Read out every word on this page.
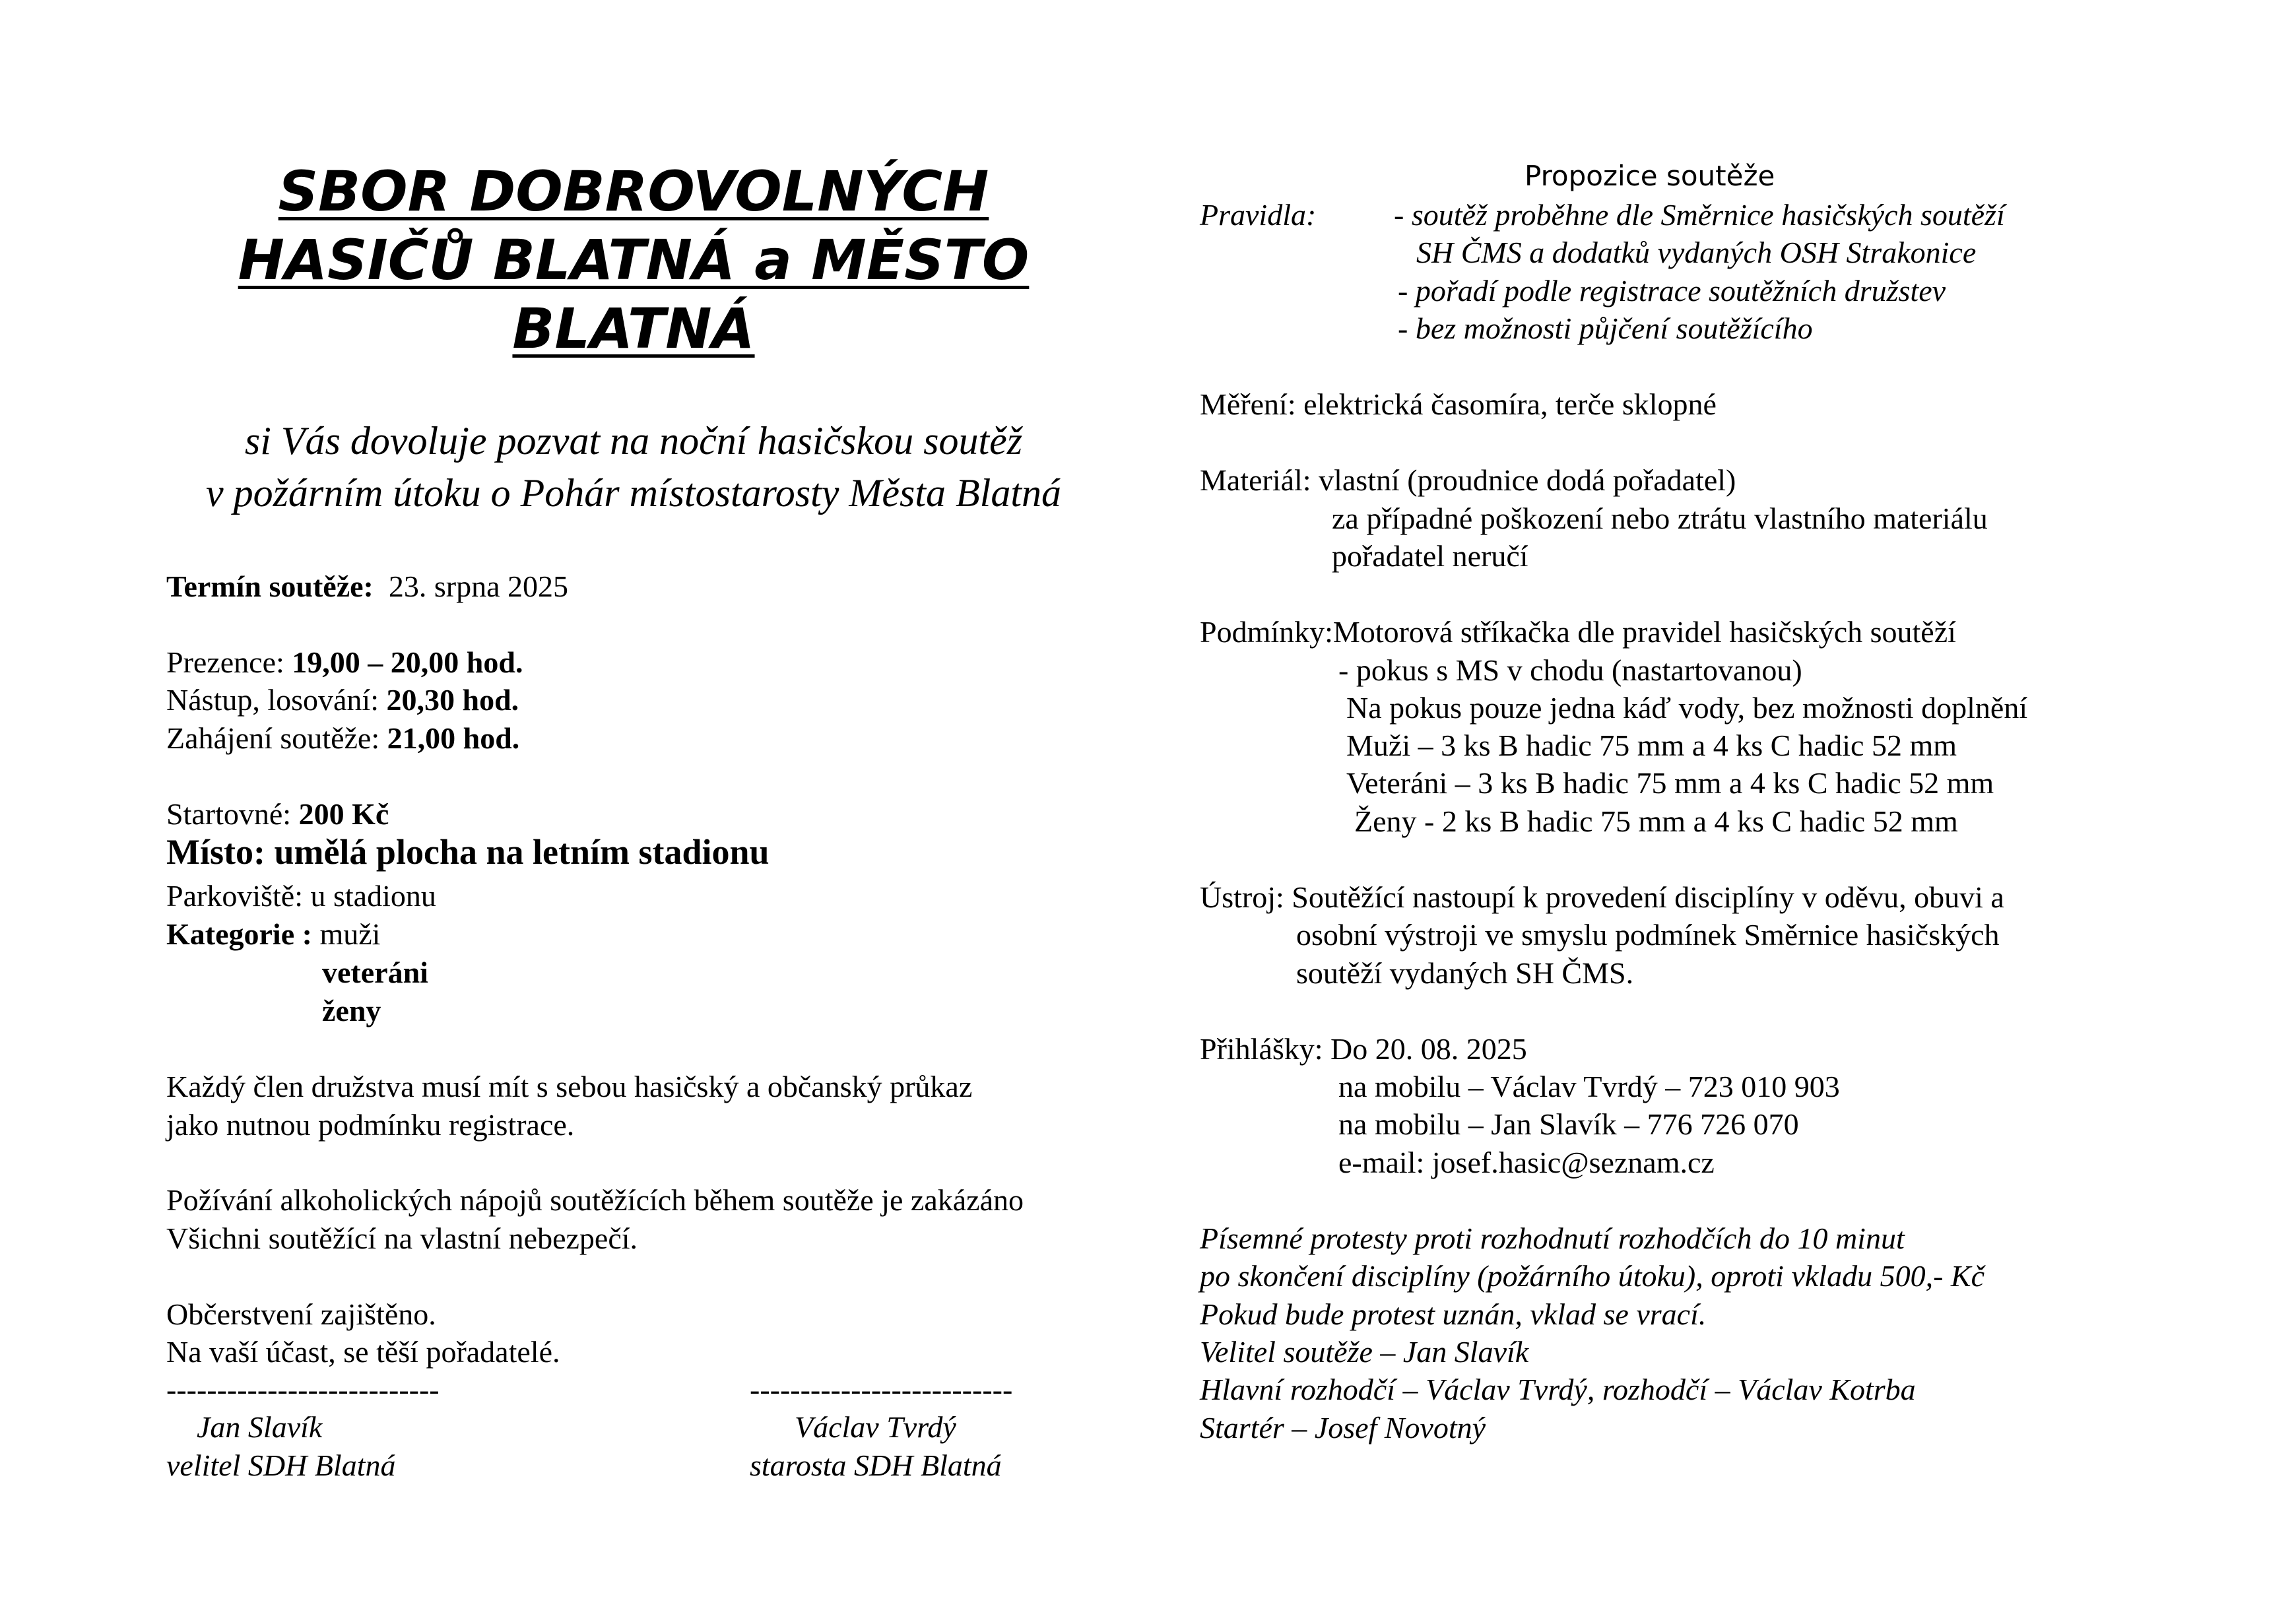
SBOR DOBROVOLNÝCH
HASIČŮ BLATNÁ a MĚSTO
BLATNÁ
si Vás dovoluje pozvat na noční hasičskou soutěž
v požárním útoku o Pohár místostarosty Města Blatná
Termín soutěže: 23. srpna 2025
Prezence: 19,00 – 20,00 hod.
Nástup, losování: 20,30 hod.
Zahájení soutěže: 21,00 hod.
Startovné: 200 Kč
Místo: umělá plocha na letním stadionu
Parkoviště: u stadionu
Kategorie : muži
veteráni
ženy
Každý člen družstva musí mít s sebou hasičský a občanský průkaz
jako nutnou podmínku registrace.
Požívání alkoholických nápojů soutěžících během soutěže je zakázáno
Všichni soutěžící na vlastní nebezpečí.
Občerstvení zajištěno.
Na vaší účast, se těší pořadatelé.
---------------------------	--------------------------
Jan Slavík
velitel SDH Blatná
Václav Tvrdý
starosta SDH Blatná
Propozice soutěže
Pravidla:	- soutěž proběhne dle Směrnice hasičských soutěží
SH ČMS a dodatků vydaných OSH Strakonice
- pořadí podle registrace soutěžních družstev
- bez možnosti půjčení soutěžícího
Měření: elektrická časomíra, terče sklopné
Materiál: vlastní (proudnice dodá pořadatel)
za případné poškození nebo ztrátu vlastního materiálu
pořadatel neručí
Podmínky:Motorová stříkačka dle pravidel hasičských soutěží
- pokus s MS v chodu (nastartovanou)
Na pokus pouze jedna káď vody, bez možnosti doplnění
Muži – 3 ks B hadic 75 mm a 4 ks C hadic 52 mm
Veteráni – 3 ks B hadic 75 mm a 4 ks C hadic 52 mm
Ženy - 2 ks B hadic 75 mm a 4 ks C hadic 52 mm
Ústroj: Soutěžící nastoupí k provedení disciplíny v oděvu, obuvi a
osobní výstroji ve smyslu podmínek Směrnice hasičských
soutěží vydaných SH ČMS.
Přihlášky: Do 20. 08. 2025
na mobilu – Václav Tvrdý – 723 010 903
na mobilu – Jan Slavík – 776 726 070
e-mail: josef.hasic@seznam.cz
Písemné protesty proti rozhodnutí rozhodčích do 10 minut
po skončení disciplíny (požárního útoku), oproti vkladu 500,- Kč
Pokud bude protest uznán, vklad se vrací.
Velitel soutěže – Jan Slavík
Hlavní rozhodčí – Václav Tvrdý, rozhodčí – Václav Kotrba
Startér – Josef Novotný
